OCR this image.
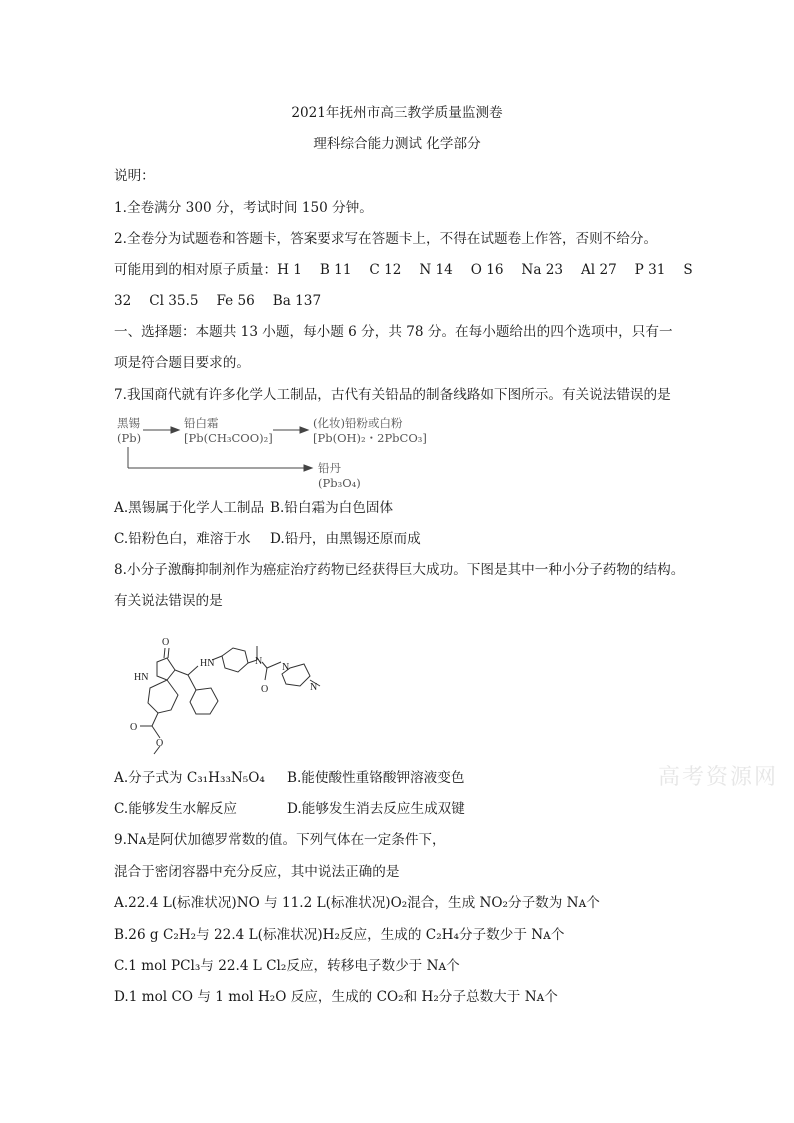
2021年抚州市高三教学质量监测卷
理科综合能力测试 化学部分
说明：
1.全卷满分 300 分，考试时间 150 分钟。
2.全卷分为试题卷和答题卡，答案要求写在答题卡上，不得在试题卷上作答，否则不给分。
可能用到的相对原子质量：H 1　 B 11　 C 12　 N 14　 O 16　 Na 23　 Al 27　 P 31　 S
32　 Cl 35.5　 Fe 56　 Ba 137
一、选择题：本题共 13 小题，每小题 6 分，共 78 分。在每小题给出的四个选项中，只有一
项是符合题目要求的。
7.我国商代就有许多化学人工制品，古代有关铅品的制备线路如下图所示。有关说法错误的是
黑锡
(Pb)
铅白霜
[Pb(CH₃COO)₂]
(化妆)铅粉或白粉
[Pb(OH)₂・2PbCO₃]
铅丹
(Pb₃O₄)
A.黑锡属于化学人工制品 B.铅白霜为白色固体
C.铅粉色白，难溶于水 D.铅丹，由黑锡还原而成
8.小分子激酶抑制剂作为癌症治疗药物已经获得巨大成功。下图是其中一种小分子药物的结构。
有关说法错误的是
O
HN
HN	N
O
N
N
O
O
A.分子式为 C₃₁H₃₃N₅O₄ B.能使酸性重铬酸钾溶液变色
C.能够发生水解反应	D.能够发生消去反应生成双键
高考资源网
9.Nᴀ是阿伏加德罗常数的值。下列气体在一定条件下，
混合于密闭容器中充分反应，其中说法正确的是
A.22.4 L(标准状况)NO 与 11.2 L(标准状况)O₂混合，生成 NO₂分子数为 Nᴀ个
B.26 g C₂H₂与 22.4 L(标准状况)H₂反应，生成的 C₂H₄分子数少于 Nᴀ个
C.1 mol PCl₃与 22.4 L Cl₂反应，转移电子数少于 Nᴀ个
D.1 mol CO 与 1 mol H₂O 反应，生成的 CO₂和 H₂分子总数大于 Nᴀ个
